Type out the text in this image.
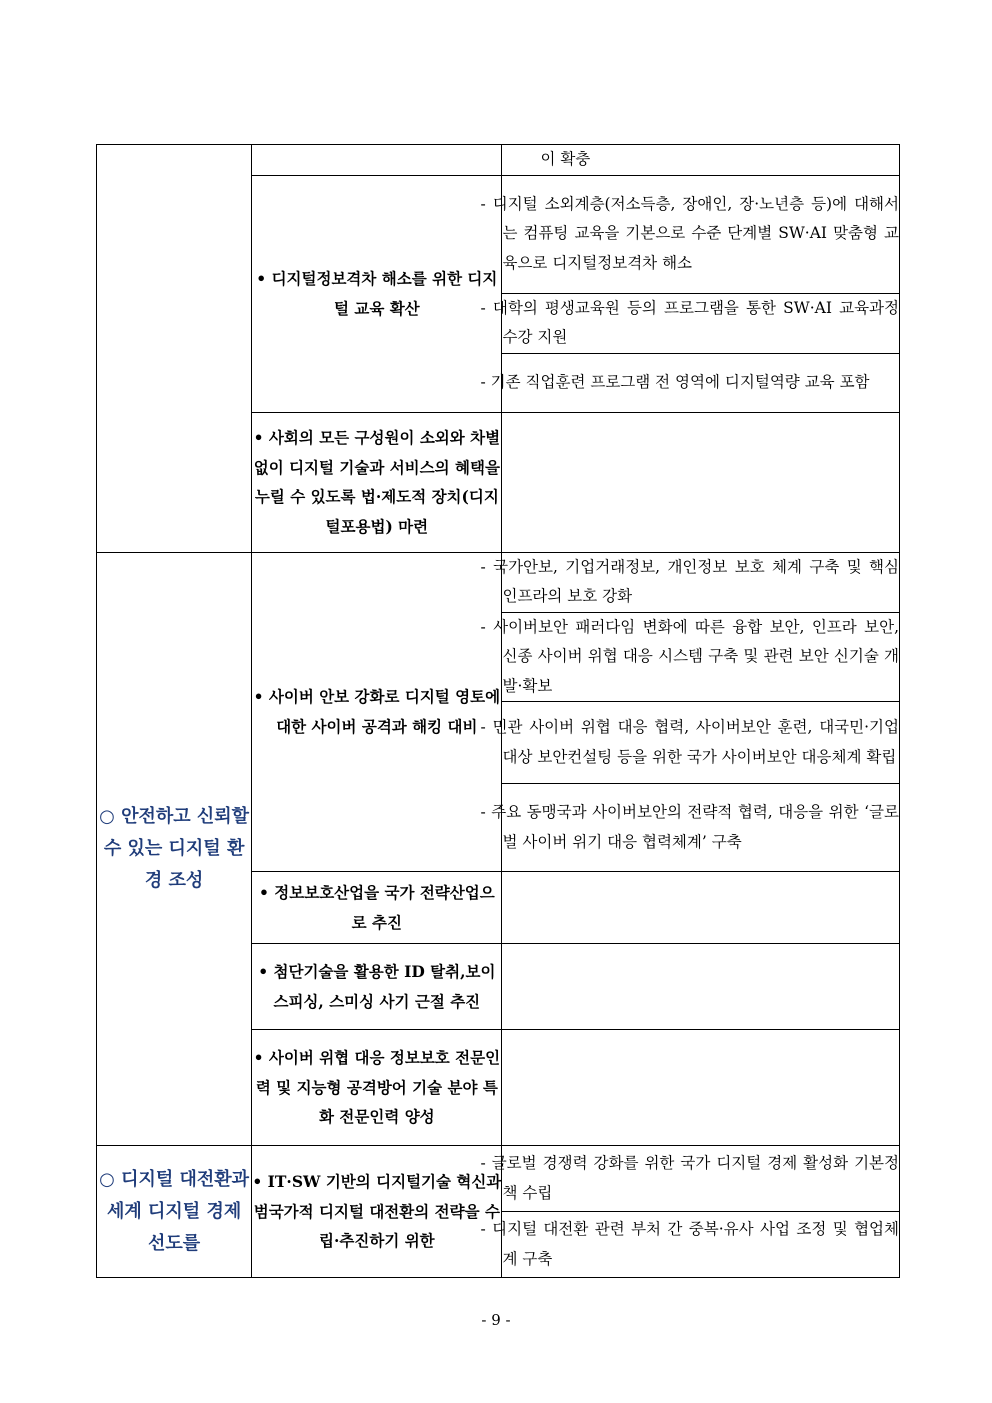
		이 확충
	• 디지털정보격차 해소를 위한 디지털 교육 확산	- 디지털 소외계층(저소득층, 장애인, 장·노년층 등)에 대해서는 컴퓨팅 교육을 기본으로 수준 단계별 SW·AI 맞춤형 교육으로 디지털정보격차 해소
		- 대학의 평생교육원 등의 프로그램을 통한 SW·AI 교육과정 수강 지원
		- 기존 직업훈련 프로그램 전 영역에 디지털역량 교육 포함
	• 사회의 모든 구성원이 소외와 차별없이 디지털 기술과 서비스의 혜택을 누릴 수 있도록 법·제도적 장치(디지털포용법) 마련	
○ 안전하고 신뢰할 수 있는 디지털 환경 조성	• 사이버 안보 강화로 디지털 영토에 대한 사이버 공격과 해킹 대비	- 국가안보, 기업거래정보, 개인정보 보호 체계 구축 및 핵심 인프라의 보호 강화
		- 사이버보안 패러다임 변화에 따른 융합 보안, 인프라 보안, 신종 사이버 위협 대응 시스템 구축 및 관련 보안 신기술 개발·확보
		- 민관 사이버 위협 대응 협력, 사이버보안 훈련, 대국민·기업 대상 보안컨설팅 등을 위한 국가 사이버보안 대응체계 확립
		- 주요 동맹국과 사이버보안의 전략적 협력, 대응을 위한 ‘글로벌 사이버 위기 대응 협력체계’ 구축
	• 정보보호산업을 국가 전략산업으로 추진	
	• 첨단기술을 활용한 ID 탈취,보이스피싱, 스미싱 사기 근절 추진	
	• 사이버 위협 대응 정보보호 전문인력 및 지능형 공격방어 기술 분야 특화 전문인력 양성	
○ 디지털 대전환과 세계 디지털 경제 선도를	• IT·SW 기반의 디지털기술 혁신과 범국가적 디지털 대전환의 전략을 수립·추진하기 위한	- 글로벌 경쟁력 강화를 위한 국가 디지털 경제 활성화 기본정책 수립
		- 디지털 대전환 관련 부처 간 중복·유사 사업 조정 및 협업체계 구축
- 9 -
